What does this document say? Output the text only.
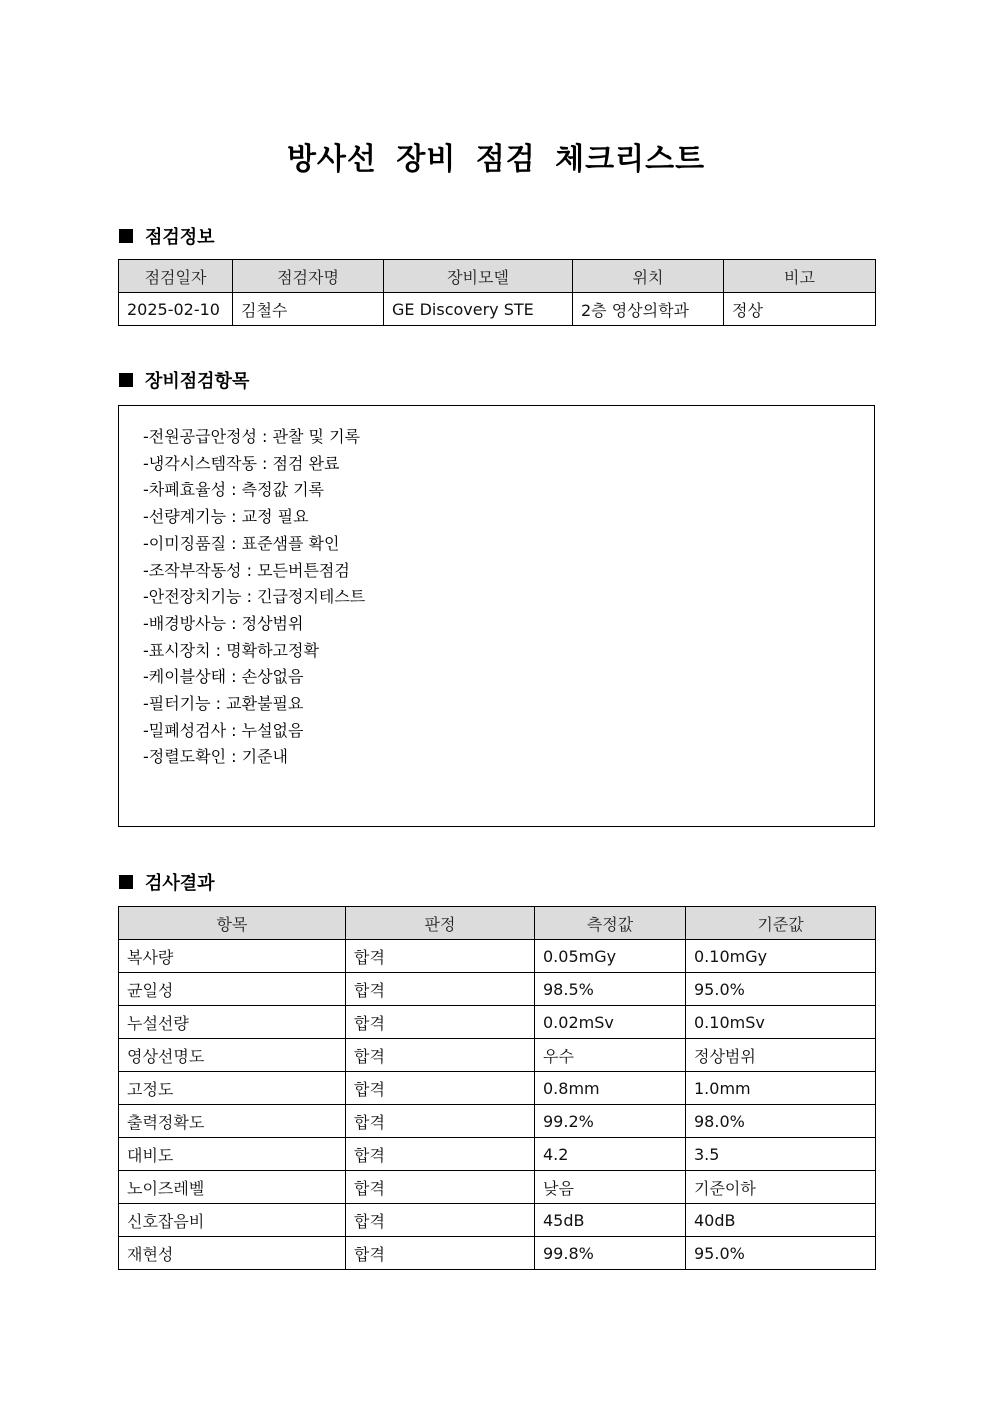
방사선 장비 점검 체크리스트
점검정보
점검일자	점검자명	장비모델	위치	비고
2025-02-10	김철수	GE Discovery STE	2층 영상의학과	정상
장비점검항목
-전원공급안정성 : 관찰 및 기록
-냉각시스템작동 : 점검 완료
-차폐효율성 : 측정값 기록
-선량계기능 : 교정 필요
-이미징품질 : 표준샘플 확인
-조작부작동성 : 모든버튼점검
-안전장치기능 : 긴급정지테스트
-배경방사능 : 정상범위
-표시장치 : 명확하고정확
-케이블상태 : 손상없음
-필터기능 : 교환불필요
-밀폐성검사 : 누설없음
-정렬도확인 : 기준내
검사결과
항목	판정	측정값	기준값
복사량	합격	0.05mGy	0.10mGy
균일성	합격	98.5%	95.0%
누설선량	합격	0.02mSv	0.10mSv
영상선명도	합격	우수	정상범위
고정도	합격	0.8mm	1.0mm
출력정확도	합격	99.2%	98.0%
대비도	합격	4.2	3.5
노이즈레벨	합격	낮음	기준이하
신호잡음비	합격	45dB	40dB
재현성	합격	99.8%	95.0%
